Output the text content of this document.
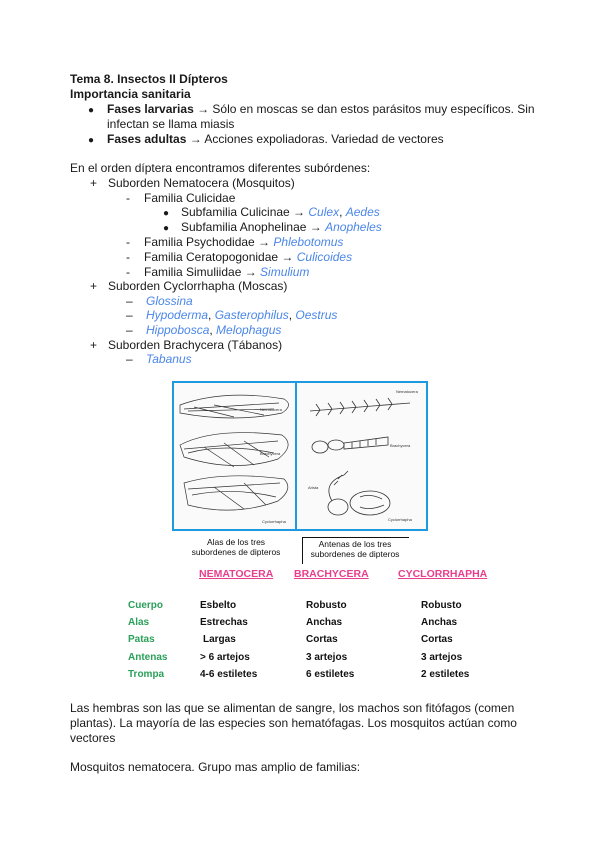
Tema 8. Insectos II Dípteros
Importancia sanitaria
● Fases larvarias → Sólo en moscas se dan estos parásitos muy específicos. Sin
infectan se llama miasis
● Fases adultas → Acciones expoliadoras. Variedad de vectores
En el orden díptera encontramos diferentes subórdenes:
+ Suborden Nematocera (Mosquitos)
- Familia Culicidae
● Subfamilia Culicinae → Culex, Aedes
● Subfamilia Anophelinae → Anopheles
- Familia Psychodidae → Phlebotomus
- Familia Ceratopogonidae → Culicoides
- Familia Simuliidae → Simulium
+ Suborden Cyclorrhapha (Moscas)
– Glossina
– Hypoderma, Gasterophilus, Oestrus
– Hippobosca, Melophagus
+ Suborden Brachycera (Tábanos)
– Tabanus
Nematocera
Brachycera
Cyclorrhapha
Nematocera
Brachycera
Arista
Cyclorrhapha
Alas de los tres
subordenes de dipteros
Antenas de los tres
subordenes de dipteros
NEMATOCERA BRACHYCERA	CYCLORRHAPHA
Cuerpo	Esbelto	Robusto	Robusto
Alas	Estrechas	Anchas	Anchas
Patas	Largas	Cortas	Cortas
Antenas	> 6 artejos	3 artejos	3 artejos
Trompa	4-6 estiletes	6 estiletes	2 estiletes
Las hembras son las que se alimentan de sangre, los machos son fitófagos (comen
plantas). La mayoría de las especies son hematófagas. Los mosquitos actúan como
vectores
Mosquitos nematocera. Grupo mas amplio de familias:
